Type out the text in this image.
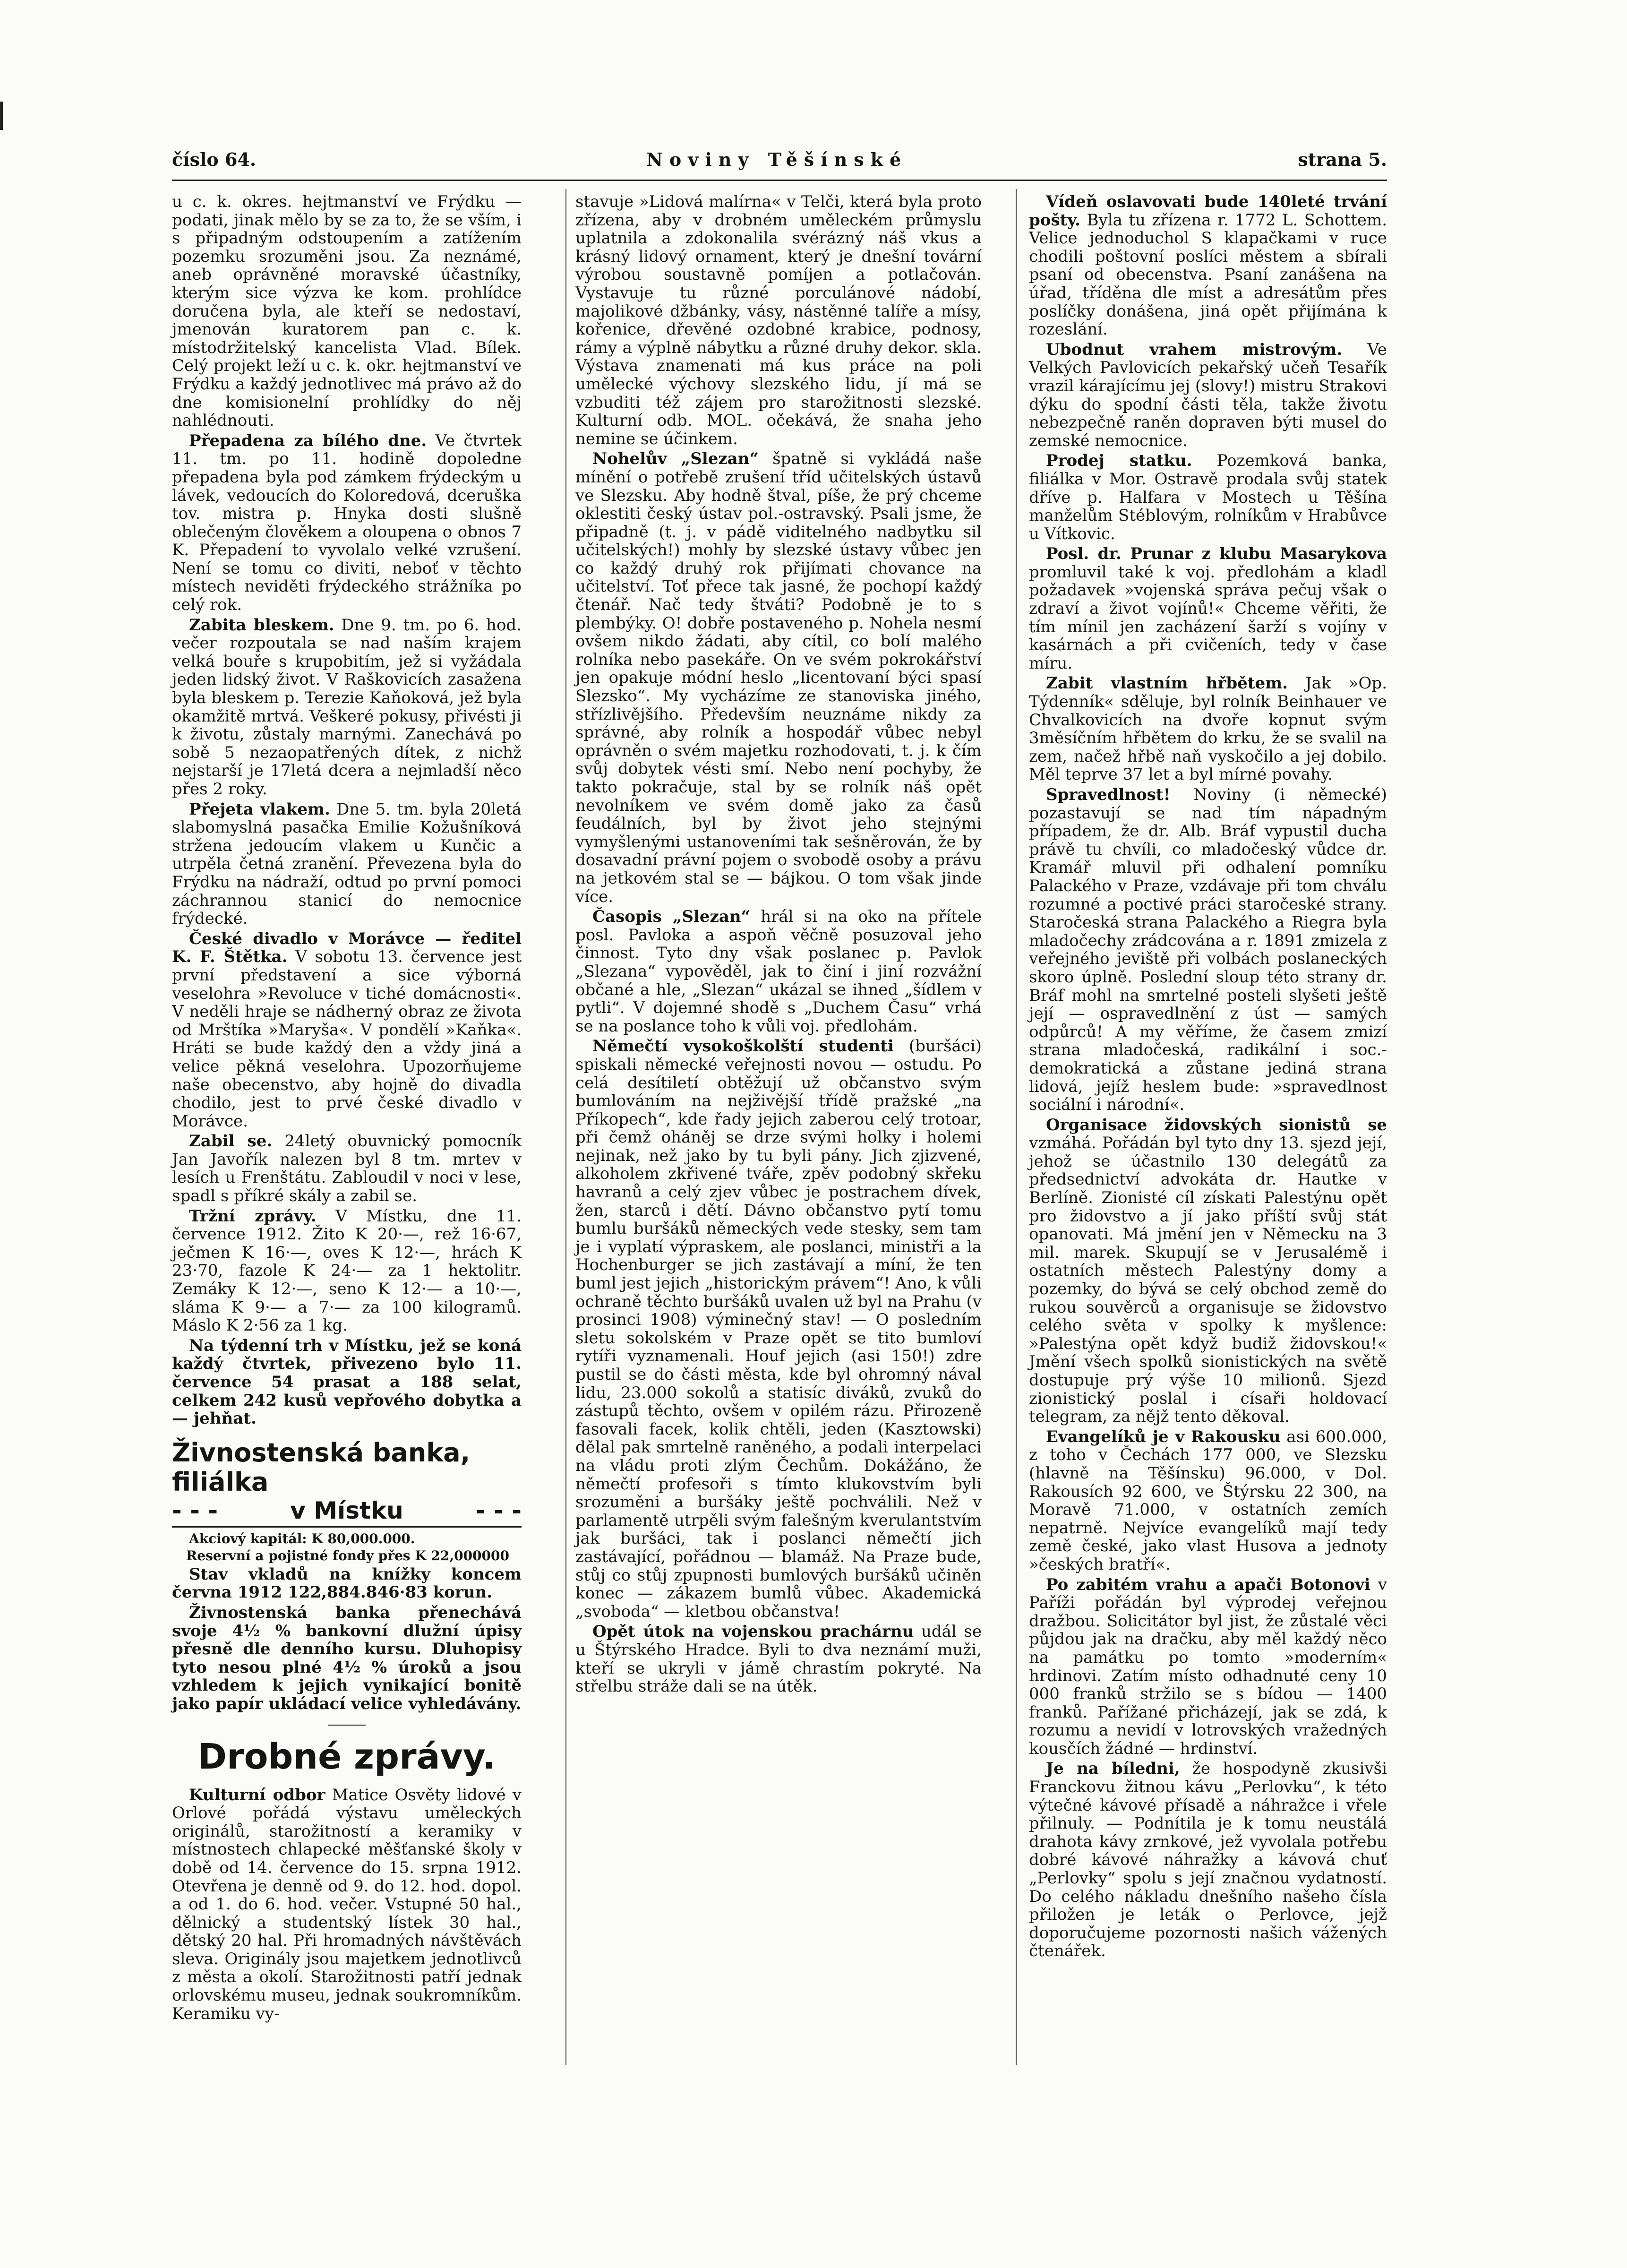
číslo 64.	Noviny Těšínské	strana 5.

u c. k. okres. hejtmanství ve Frýdku — podati, jinak mělo by se za to, že se vším, i s připadným odstoupením a zatížením pozemku srozuměni jsou. Za neznámé, aneb oprávněné moravské účastníky, kterým sice výzva ke kom. prohlídce doručena byla, ale kteří se nedostaví, jmenován kuratorem pan c. k. místodržitelský kancelista Vlad. Bílek. Celý projekt leží u c. k. okr. hejtmanství ve Frýdku a každý jednotlivec má právo až do dne komisionelní prohlídky do něj nahlédnouti.

Přepadena za bílého dne. Ve čtvrtek 11. tm. po 11. hodině dopoledne přepadena byla pod zámkem frýdeckým u lávek, vedoucích do Koloredová, dceruška tov. mistra p. Hnyka dosti slušně oblečeným člověkem a oloupena o obnos 7 K. Přepadení to vyvolalo velké vzrušení. Není se tomu co diviti, neboť v těchto místech neviděti frýdeckého strážníka po celý rok.

Zabita bleskem. Dne 9. tm. po 6. hod. večer rozpoutala se nad naším krajem velká bouře s krupobitím, jež si vyžádala jeden lidský život. V Raškovicích zasažena byla bleskem p. Terezie Kaňoková, jež byla okamžitě mrtvá. Veškeré pokusy, přivésti ji k životu, zůstaly marnými. Zanechává po sobě 5 nezaopatřených dítek, z nichž nejstarší je 17letá dcera a nejmladší něco přes 2 roky.

Přejeta vlakem. Dne 5. tm. byla 20letá slabomyslná pasačka Emilie Kožušníková stržena jedoucím vlakem u Kunčic a utrpěla četná zranění. Převezena byla do Frýdku na nádraží, odtud po první pomoci záchrannou stanicí do nemocnice frýdecké.

České divadlo v Morávce — ředitel K. F. Štětka. V sobotu 13. července jest první představení a sice výborná veselohra »Revoluce v tiché domácnosti«. V neděli hraje se nádherný obraz ze života od Mrštíka »Maryša«. V pondělí »Kaňka«. Hráti se bude každý den a vždy jiná a velice pěkná veselohra. Upozorňujeme naše obecenstvo, aby hojně do divadla chodilo, jest to prvé české divadlo v Morávce.

Zabil se. 24letý obuvnický pomocník Jan Javořík nalezen byl 8 tm. mrtev v lesích u Frenštátu. Zabloudil v noci v lese, spadl s příkré skály a zabil se.

Tržní zprávy. V Místku, dne 11. července 1912. Žito K 20·—, rež 16·67, ječmen K 16·—, oves K 12·—, hrách K 23·70, fazole K 24·— za 1 hektolitr. Zemáky K 12·—, seno K 12·— a 10·—, sláma K 9·— a 7·— za 100 kilogramů. Máslo K 2·56 za 1 kg.

Na týdenní trh v Místku, jež se koná každý čtvrtek, přivezeno bylo 11. července 54 prasat a 188 selat, celkem 242 kusů vepřového dobytka a — jehňat.

Živnostenská banka, filiálka
- - -	v Místku	- - -

Akciový kapitál: K 80,000.000.

Reservní a pojistné fondy přes K 22,000000

Stav vkladů na knížky koncem června 1912 122,884.846·83 korun.

Živnostenská banka přenechává svoje 4½ % bankovní dlužní úpisy přesně dle denního kursu. Dluhopisy tyto nesou plné 4½ % úroků a jsou vzhledem k jejich vynikající bonitě jako papír ukládací velice vyhledávány.

Drobné zprávy.

Kulturní odbor Matice Osvěty lidové v Orlové pořádá výstavu uměleckých originálů, starožitností a keramiky v místnostech chlapecké měšťanské školy v době od 14. července do 15. srpna 1912. Otevřena je denně od 9. do 12. hod. dopol. a od 1. do 6. hod. večer. Vstupné 50 hal., dělnický a studentský lístek 30 hal., dětský 20 hal. Při hromadných návštěvách sleva. Originály jsou majetkem jednotlivců z města a okolí. Starožitnosti patří jednak orlovskému museu, jednak soukromníkům. Keramiku vy-

stavuje »Lidová malírna« v Telči, která byla proto zřízena, aby v drobném uměleckém průmyslu uplatnila a zdokonalila svérázný náš vkus a krásný lidový ornament, který je dnešní tovární výrobou soustavně pomíjen a potlačován. Vystavuje tu různé porculánové nádobí, majolikové džbánky, vásy, nástěnné talíře a mísy, kořenice, dřevěné ozdobné krabice, podnosy, rámy a výplně nábytku a různé druhy dekor. skla. Výstava znamenati má kus práce na poli umělecké výchovy slezského lidu, jí má se vzbuditi též zájem pro starožitnosti slezské. Kulturní odb. MOL. očekává, že snaha jeho nemine se účinkem.

Nohelův „Slezan“ špatně si vykládá naše mínění o potřebě zrušení tříd učitelských ústavů ve Slezsku. Aby hodně štval, píše, že prý chceme oklestiti český ústav pol.-ostravský. Psali jsme, že připadně (t. j. v pádě viditelného nadbytku sil učitelských!) mohly by slezské ústavy vůbec jen co každý druhý rok přijímati chovance na učitelství. Toť přece tak jasné, že pochopí každý čtenář. Nač tedy štváti? Podobně je to s plembýky. O! dobře postaveného p. Nohela nesmí ovšem nikdo žádati, aby cítil, co bolí malého rolníka nebo pasekáře. On ve svém pokrokářství jen opakuje módní heslo „licentovaní býci spasí Slezsko“. My vycházíme ze stanoviska jiného, střízlivějšího. Především neuznáme nikdy za správné, aby rolník a hospodář vůbec nebyl oprávněn o svém majetku rozhodovati, t. j. k čím svůj dobytek vésti smí. Nebo není pochyby, že takto pokračuje, stal by se rolník náš opět nevolníkem ve svém domě jako za časů feudálních, byl by život jeho stejnými vymyšlenými ustanoveními tak sešněrován, že by dosavadní právní pojem o svobodě osoby a právu na jetkovém stal se — bájkou. O tom však jinde více.

Časopis „Slezan“ hrál si na oko na přítele posl. Pavloka a aspoň věčně posuzoval jeho činnost. Tyto dny však poslanec p. Pavlok „Slezana“ vypověděl, jak to činí i jiní rozvážní občané a hle, „Slezan“ ukázal se ihned „šídlem v pytli“. V dojemné shodě s „Duchem Času“ vrhá se na poslance toho k vůli voj. předlohám.

Němečtí vysokoškolští studenti (buršáci) spiskali německé veřejnosti novou — ostudu. Po celá desítiletí obtěžují už občanstvo svým bumlováním na nejživější třídě pražské „na Příkopech“, kde řady jejich zaberou celý trotoar, při čemž oháněj se drze svými holky i holemi nejinak, než jako by tu byli pány. Jich zjizvené, alkoholem zkřivené tváře, zpěv podobný skřeku havranů a celý zjev vůbec je postrachem dívek, žen, starců i dětí. Dávno občanstvo pytí tomu bumlu buršáků německých vede stesky, sem tam je i vyplatí výpraskem, ale poslanci, ministři a la Hochenburger se jich zastávají a míní, že ten buml jest jejich „historickým právem“! Ano, k vůli ochraně těchto buršáků uvalen už byl na Prahu (v prosinci 1908) výminečný stav! — O posledním sletu sokolském v Praze opět se tito bumloví rytíři vyznamenali. Houf jejich (asi 150!) zdre pustil se do části města, kde byl ohromný nával lidu, 23.000 sokolů a statisíc diváků, zvuků do zástupů těchto, ovšem v opilém rázu. Přirozeně fasovali facek, kolik chtěli, jeden (Kasztowski) dělal pak smrtelně raněného, a podali interpelaci na vládu proti zlým Čechům. Dokážáno, že němečtí profesoři s tímto klukovstvím byli srozuměni a buršáky ještě pochválili. Než v parlamentě utrpěli svým falešným kverulantstvím jak buršáci, tak i poslanci němečtí jich zastávající, pořádnou — blamáž. Na Praze bude, stůj co stůj zpupnosti bumlových buršáků učiněn konec — zákazem bumlů vůbec. Akademická „svoboda“ — kletbou občanstva!

Opět útok na vojenskou prachárnu udál se u Štýrského Hradce. Byli to dva neznámí muži, kteří se ukryli v jámě chrastím pokryté. Na střelbu stráže dali se na útěk.

Vídeň oslavovati bude 140leté trvání pošty. Byla tu zřízena r. 1772 L. Schottem. Velice jednoduchol S klapačkami v ruce chodili poštovní poslíci městem a sbírali psaní od obecenstva. Psaní zanášena na úřad, tříděna dle míst a adresátům přes poslíčky donášena, jiná opět přijímána k rozeslání.

Ubodnut vrahem mistrovým. Ve Velkých Pavlovicích pekařský učeň Tesařík vrazil kárajícímu jej (slovy!) mistru Strakovi dýku do spodní části těla, takže životu nebezpečně raněn dopraven býti musel do zemské nemocnice.

Prodej statku. Pozemková banka, filiálka v Mor. Ostravě prodala svůj statek dříve p. Halfara v Mostech u Těšína manželům Stéblovým, rolníkům v Hrabůvce u Vítkovic.

Posl. dr. Prunar z klubu Masarykova promluvil také k voj. předlohám a kladl požadavek »vojenská správa pečuj však o zdraví a život vojínů!« Chceme věřiti, že tím mínil jen zacházení šarží s vojíny v kasárnách a při cvičeních, tedy v čase míru.

Zabit vlastním hřbětem. Jak »Op. Týdenník« sděluje, byl rolník Beinhauer ve Chvalkovicích na dvoře kopnut svým 3měsíčním hřbětem do krku, že se svalil na zem, načež hřbě naň vyskočilo a jej dobilo. Měl teprve 37 let a byl mírné povahy.

Spravedlnost! Noviny (i německé) pozastavují se nad tím nápadným případem, že dr. Alb. Bráf vypustil ducha právě tu chvíli, co mladočeský vůdce dr. Kramář mluvil při odhalení pomníku Palackého v Praze, vzdávaje při tom chválu rozumné a poctivé práci staročeské strany. Staročeská strana Palackého a Riegra byla mladočechy zrádcována a r. 1891 zmizela z veřejného jeviště při volbách poslaneckých skoro úplně. Poslední sloup této strany dr. Bráf mohl na smrtelné posteli slyšeti ještě její — ospravedlnění z úst — samých odpůrců! A my věříme, že časem zmizí strana mladočeská, radikální i soc.-demokratická a zůstane jediná strana lidová, jejíž heslem bude: »spravedlnost sociální i národní«.

Organisace židovských sionistů se vzmáhá. Pořádán byl tyto dny 13. sjezd její, jehož se účastnilo 130 delegátů za předsednictví advokáta dr. Hautke v Berlíně. Zionisté cíl získati Palestýnu opět pro židovstvo a jí jako příští svůj stát opanovati. Má jmění jen v Německu na 3 mil. marek. Skupují se v Jerusalémě i ostatních městech Palestýny domy a pozemky, do bývá se celý obchod země do rukou souvěrců a organisuje se židovstvo celého světa v spolky k myšlence: »Palestýna opět když budiž židovskou!« Jmění všech spolků sionistických na světě dostupuje prý výše 10 milionů. Sjezd zionistický poslal i císaři holdovací telegram, za nějž tento děkoval.

Evangelíků je v Rakousku asi 600.000, z toho v Čechách 177 000, ve Slezsku (hlavně na Těšínsku) 96.000, v Dol. Rakousích 92 600, ve Štýrsku 22 300, na Moravě 71.000, v ostatních zemích nepatrně. Nejvíce evangelíků mají tedy země české, jako vlast Husova a jednoty »českých bratří«.

Po zabitém vrahu a apači Botonovi v Paříži pořádán byl výprodej veřejnou dražbou. Solicitátor byl jist, že zůstalé věci půjdou jak na dračku, aby měl každý něco na památku po tomto »moderním« hrdinovi. Zatím místo odhadnuté ceny 10 000 franků stržilo se s bídou — 1400 franků. Pařížané přicházejí, jak se zdá, k rozumu a nevidí v lotrovských vražedných kousčích žádné — hrdinství.

Je na bíledni, že hospodyně zkusivši Franckovu žitnou kávu „Perlovku“, k této výtečné kávové přísadě a náhražce i vřele přilnuly. — Podnítila je k tomu neustálá drahota kávy zrnkové, jež vyvolala potřebu dobré kávové náhražky a kávová chuť „Perlovky“ spolu s její značnou vydatností. Do celého nákladu dnešního našeho čísla přiložen je leták o Perlovce, jejž doporučujeme pozornosti našich vážených čtenářek.
